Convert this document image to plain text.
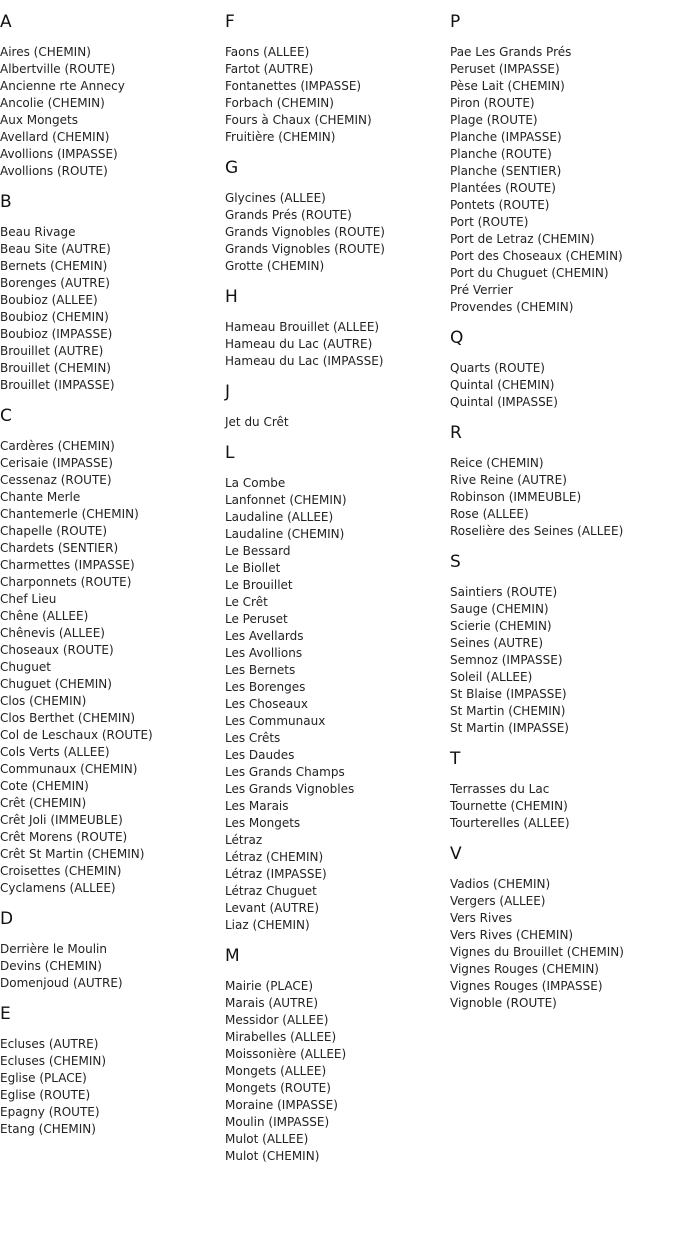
A
Aires (CHEMIN)
Albertville (ROUTE)
Ancienne rte Annecy
Ancolie (CHEMIN)
Aux Mongets
Avellard (CHEMIN)
Avollions (IMPASSE)
Avollions (ROUTE)
B
Beau Rivage
Beau Site (AUTRE)
Bernets (CHEMIN)
Borenges (AUTRE)
Boubioz (ALLEE)
Boubioz (CHEMIN)
Boubioz (IMPASSE)
Brouillet (AUTRE)
Brouillet (CHEMIN)
Brouillet (IMPASSE)
C
Cardères (CHEMIN)
Cerisaie (IMPASSE)
Cessenaz (ROUTE)
Chante Merle
Chantemerle (CHEMIN)
Chapelle (ROUTE)
Chardets (SENTIER)
Charmettes (IMPASSE)
Charponnets (ROUTE)
Chef Lieu
Chêne (ALLEE)
Chênevis (ALLEE)
Choseaux (ROUTE)
Chuguet
Chuguet (CHEMIN)
Clos (CHEMIN)
Clos Berthet (CHEMIN)
Col de Leschaux (ROUTE)
Cols Verts (ALLEE)
Communaux (CHEMIN)
Cote (CHEMIN)
Crêt (CHEMIN)
Crêt Joli (IMMEUBLE)
Crêt Morens (ROUTE)
Crêt St Martin (CHEMIN)
Croisettes (CHEMIN)
Cyclamens (ALLEE)
D
Derrière le Moulin
Devins (CHEMIN)
Domenjoud (AUTRE)
E
Ecluses (AUTRE)
Ecluses (CHEMIN)
Eglise (PLACE)
Eglise (ROUTE)
Epagny (ROUTE)
Etang (CHEMIN)
F
Faons (ALLEE)
Fartot (AUTRE)
Fontanettes (IMPASSE)
Forbach (CHEMIN)
Fours à Chaux (CHEMIN)
Fruitière (CHEMIN)
G
Glycines (ALLEE)
Grands Prés (ROUTE)
Grands Vignobles (ROUTE)
Grands Vignobles (ROUTE)
Grotte (CHEMIN)
H
Hameau Brouillet (ALLEE)
Hameau du Lac (AUTRE)
Hameau du Lac (IMPASSE)
J
Jet du Crêt
L
La Combe
Lanfonnet (CHEMIN)
Laudaline (ALLEE)
Laudaline (CHEMIN)
Le Bessard
Le Biollet
Le Brouillet
Le Crêt
Le Peruset
Les Avellards
Les Avollions
Les Bernets
Les Borenges
Les Choseaux
Les Communaux
Les Crêts
Les Daudes
Les Grands Champs
Les Grands Vignobles
Les Marais
Les Mongets
Létraz
Létraz (CHEMIN)
Létraz (IMPASSE)
Létraz Chuguet
Levant (AUTRE)
Liaz (CHEMIN)
M
Mairie (PLACE)
Marais (AUTRE)
Messidor (ALLEE)
Mirabelles (ALLEE)
Moissonière (ALLEE)
Mongets (ALLEE)
Mongets (ROUTE)
Moraine (IMPASSE)
Moulin (IMPASSE)
Mulot (ALLEE)
Mulot (CHEMIN)
P
Pae Les Grands Prés
Peruset (IMPASSE)
Pèse Lait (CHEMIN)
Piron (ROUTE)
Plage (ROUTE)
Planche (IMPASSE)
Planche (ROUTE)
Planche (SENTIER)
Plantées (ROUTE)
Pontets (ROUTE)
Port (ROUTE)
Port de Letraz (CHEMIN)
Port des Choseaux (CHEMIN)
Port du Chuguet (CHEMIN)
Pré Verrier
Provendes (CHEMIN)
Q
Quarts (ROUTE)
Quintal (CHEMIN)
Quintal (IMPASSE)
R
Reice (CHEMIN)
Rive Reine (AUTRE)
Robinson (IMMEUBLE)
Rose (ALLEE)
Roselière des Seines (ALLEE)
S
Saintiers (ROUTE)
Sauge (CHEMIN)
Scierie (CHEMIN)
Seines (AUTRE)
Semnoz (IMPASSE)
Soleil (ALLEE)
St Blaise (IMPASSE)
St Martin (CHEMIN)
St Martin (IMPASSE)
T
Terrasses du Lac
Tournette (CHEMIN)
Tourterelles (ALLEE)
V
Vadios (CHEMIN)
Vergers (ALLEE)
Vers Rives
Vers Rives (CHEMIN)
Vignes du Brouillet (CHEMIN)
Vignes Rouges (CHEMIN)
Vignes Rouges (IMPASSE)
Vignoble (ROUTE)
